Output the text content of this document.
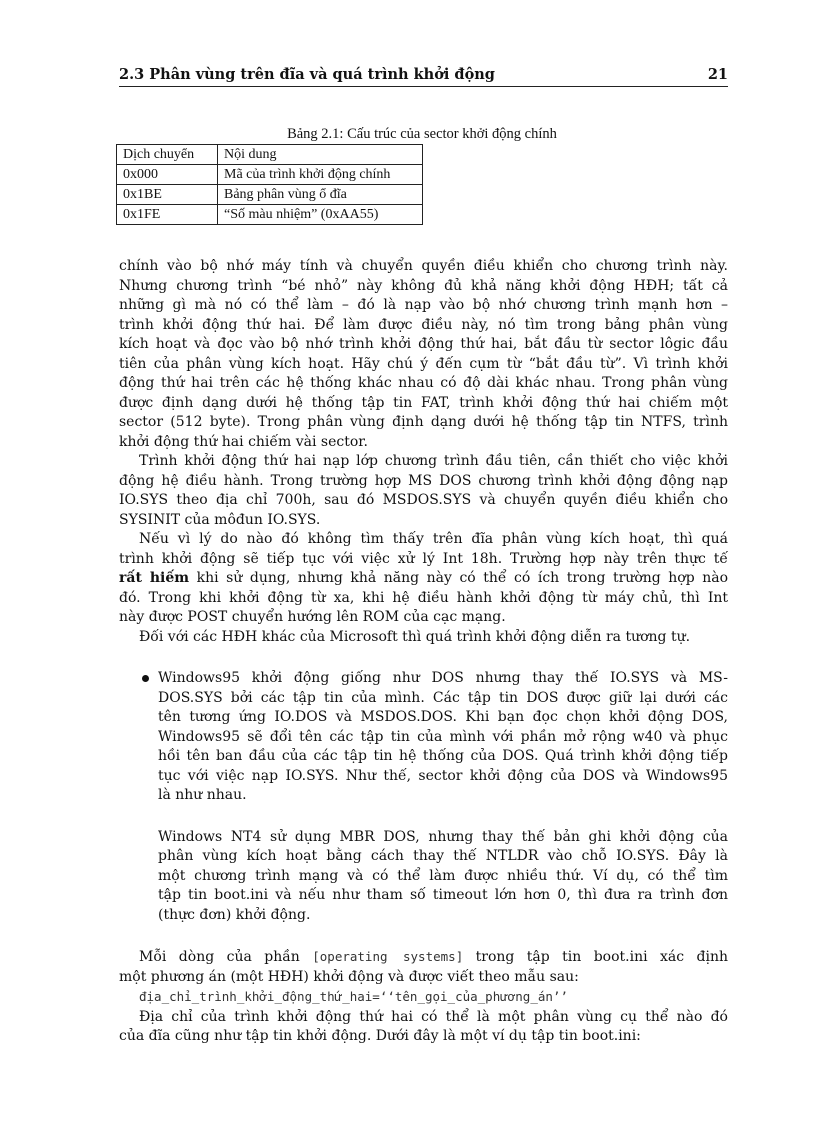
2.3 Phân vùng trên đĩa và quá trình khởi động	21
Bảng 2.1: Cấu trúc của sector khởi động chính
Dịch chuyển	Nội dung
0x000	Mã của trình khởi động chính
0x1BE	Bảng phân vùng ổ đĩa
0x1FE	“Số màu nhiệm” (0xAA55)

chính vào bộ nhớ máy tính và chuyển quyền điều khiển cho chương trình này.

Nhưng chương trình “bé nhỏ” này không đủ khả năng khởi động HĐH; tất cả

những gì mà nó có thể làm – đó là nạp vào bộ nhớ chương trình mạnh hơn –

trình khởi động thứ hai. Để làm được điều này, nó tìm trong bảng phân vùng

kích hoạt và đọc vào bộ nhớ trình khởi động thứ hai, bắt đầu từ sector lôgic đầu

tiên của phân vùng kích hoạt. Hãy chú ý đến cụm từ “bắt đầu từ”. Vì trình khởi

động thứ hai trên các hệ thống khác nhau có độ dài khác nhau. Trong phân vùng

được định dạng dưới hệ thống tập tin FAT, trình khởi động thứ hai chiếm một

sector (512 byte). Trong phân vùng định dạng dưới hệ thống tập tin NTFS, trình

khởi động thứ hai chiếm vài sector.

Trình khởi động thứ hai nạp lớp chương trình đầu tiên, cần thiết cho việc khởi

động hệ điều hành. Trong trường hợp MS DOS chương trình khởi động động nạp

IO.SYS theo địa chỉ 700h, sau đó MSDOS.SYS và chuyển quyền điều khiển cho

SYSINIT của môđun IO.SYS.

Nếu vì lý do nào đó không tìm thấy trên đĩa phân vùng kích hoạt, thì quá

trình khởi động sẽ tiếp tục với việc xử lý Int 18h. Trường hợp này trên thực tế

rất hiếm khi sử dụng, nhưng khả năng này có thể có ích trong trường hợp nào

đó. Trong khi khởi động từ xa, khi hệ điều hành khởi động từ máy chủ, thì Int

này được POST chuyển hướng lên ROM của cạc mạng.

Đối với các HĐH khác của Microsoft thì quá trình khởi động diễn ra tương tự.

Windows95 khởi động giống như DOS nhưng thay thế IO.SYS và MS-

DOS.SYS bởi các tập tin của mình. Các tập tin DOS được giữ lại dưới các

tên tương ứng IO.DOS và MSDOS.DOS. Khi bạn đọc chọn khởi động DOS,

Windows95 sẽ đổi tên các tập tin của mình với phần mở rộng w40 và phục

hồi tên ban đầu của các tập tin hệ thống của DOS. Quá trình khởi động tiếp

tục với việc nạp IO.SYS. Như thế, sector khởi động của DOS và Windows95

là như nhau.

Windows NT4 sử dụng MBR DOS, nhưng thay thế bản ghi khởi động của

phân vùng kích hoạt bằng cách thay thế NTLDR vào chỗ IO.SYS. Đây là

một chương trình mạng và có thể làm được nhiều thứ. Ví dụ, có thể tìm

tập tin boot.ini và nếu như tham số timeout lớn hơn 0, thì đưa ra trình đơn

(thực đơn) khởi động.

Mỗi dòng của phần [operating systems] trong tập tin boot.ini xác định

một phương án (một HĐH) khởi động và được viết theo mẫu sau:

địa_chỉ_trình_khởi_động_thứ_hai=‘‘tên_gọi_của_phương_án’’

Địa chỉ của trình khởi động thứ hai có thể là một phân vùng cụ thể nào đó

của đĩa cũng như tập tin khởi động. Dưới đây là một ví dụ tập tin boot.ini:
